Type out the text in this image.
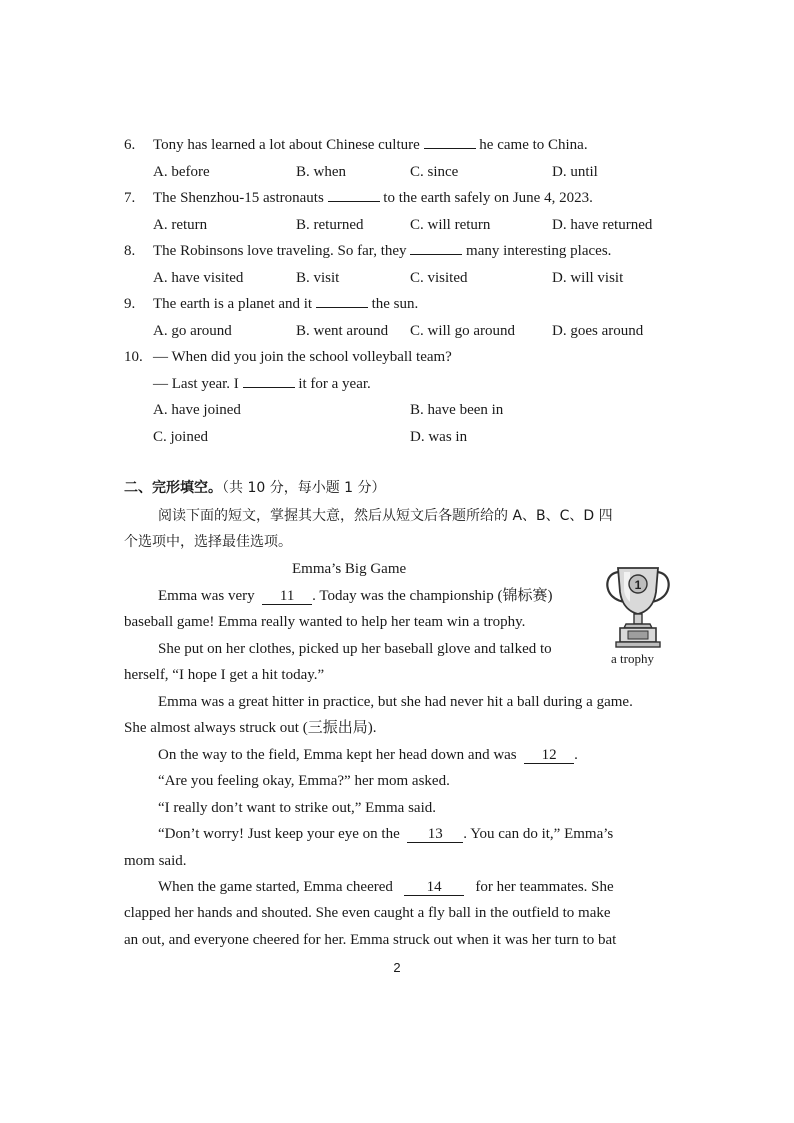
6. Tony has learned a lot about Chinese culture	he came to China.
A. before	B. when	C. since	D. until
7. The Shenzhou-15 astronauts	to the earth safely on June 4, 2023.
A. return	B. returned	C. will return	D. have returned
8. The Robinsons love traveling. So far, they	many interesting places.
A. have visited	B. visit	C. visited	D. will visit
9. The earth is a planet and it	the sun.
A. go around	B. went around C. will go around D. goes around
10. — When did you join the school volleyball team?
— Last year. I	it for a year.
A. have joined	B. have been in
C. joined	D. was in
二、完形填空。（共 10 分，每小题 1 分）
阅读下面的短文，掌握其大意，然后从短文后各题所给的 A、B、C、D 四
个选项中，选择最佳选项。
Emma’s Big Game
1
a trophy
Emma was very 11 . Today was the championship (锦标赛)
baseball game! Emma really wanted to help her team win a trophy.
She put on her clothes, picked up her baseball glove and talked to
herself, “I hope I get a hit today.”
Emma was a great hitter in practice, but she had never hit a ball during a game.
She almost always struck out (三振出局).
On the way to the field, Emma kept her head down and was 12 .
“Are you feeling okay, Emma?” her mom asked.
“I really don’t want to strike out,” Emma said.
“Don’t worry! Just keep your eye on the 13 . You can do it,” Emma’s
mom said.
When the game started, Emma cheered 14 for her teammates. She
clapped her hands and shouted. She even caught a fly ball in the outfield to make
an out, and everyone cheered for her. Emma struck out when it was her turn to bat
2
